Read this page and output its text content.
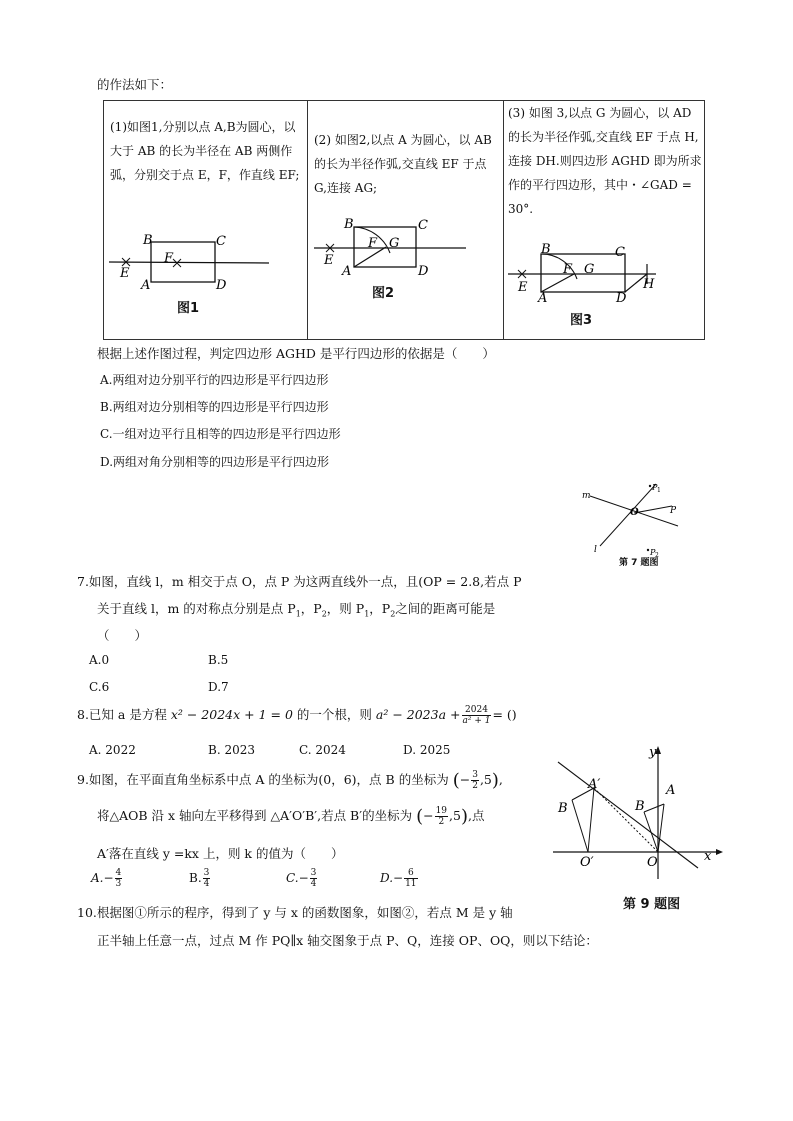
的作法如下：
(1)如图1,分别以点 A,B为圆心，以大于 AB 的长为半径在 AB 两侧作弧，分别交于点 E，F，作直线 EF;
B	C
F
E
A	D
图1

(2) 如图2,以点 A 为圆心，以 AB 的长为半径作弧,交直线 EF 于点 G,连接 AG;
B	C
F G
E
A	D
图2

(3) 如图 3,以点 G 为圆心，以 AD 的长为半径作弧,交直线 EF 于点 H,连接 DH.则四边形 AGHD 即为所求作的平行四边形，其中・∠GAD = 30°.
B	C
F G
H
E
A	D
图3
根据上述作图过程，判定四边形 AGHD 是平行四边形的依据是（　　）
A.两组对边分别平行的四边形是平行四边形
B.两组对边分别相等的四边形是平行四边形
C.一组对边平行且相等的四边形是平行四边形
D.两组对角分别相等的四边形是平行四边形
m
l
O	P
P 1
P 2
第 7 题图
7.如图，直线 l，m 相交于点 O，点 P 为这两直线外一点，且(OP = 2.8,若点 P
关于直线 l，m 的对称点分别是点 $P_1$，$P_2$，则 $P_1$，$P_2$之间的距离可能是
（　　）
A.0	B.5
C.6	D.7
8.已知 a 是方程 x² − 2024x + 1 = 0 的一个根，则 $a^2 - 2023a + \frac{2024}{\text{a² + 1}}$ = ()
A. 2022	B. 2023	C. 2024	D. 2025	y
x
O
O′
A
A′
B
B
第 9 题图
9.如图，在平面直角坐标系中点 A 的坐标为(0，6)，点 B 的坐标为 (− $\frac{3}{2} ,5$),
将△AOB 沿 x 轴向左平移得到 △A′O′B′,若点 B′的坐标为 (− $\frac{19}{2} ,5$),点
A′落在直线 y =kx 上，则 k 的值为（　　）
$A.- \frac{4}{3}$	B. $\frac{3}{4}$	$C.- \frac{3}{4}$	$D.- \frac{6}{11}$
10.根据图①所示的程序，得到了 y 与 x 的函数图象，如图②，若点 M 是 y 轴
正半轴上任意一点，过点 M 作 PQ∥x 轴交图象于点 P、Q，连接 OP、OQ，则以下结论：
